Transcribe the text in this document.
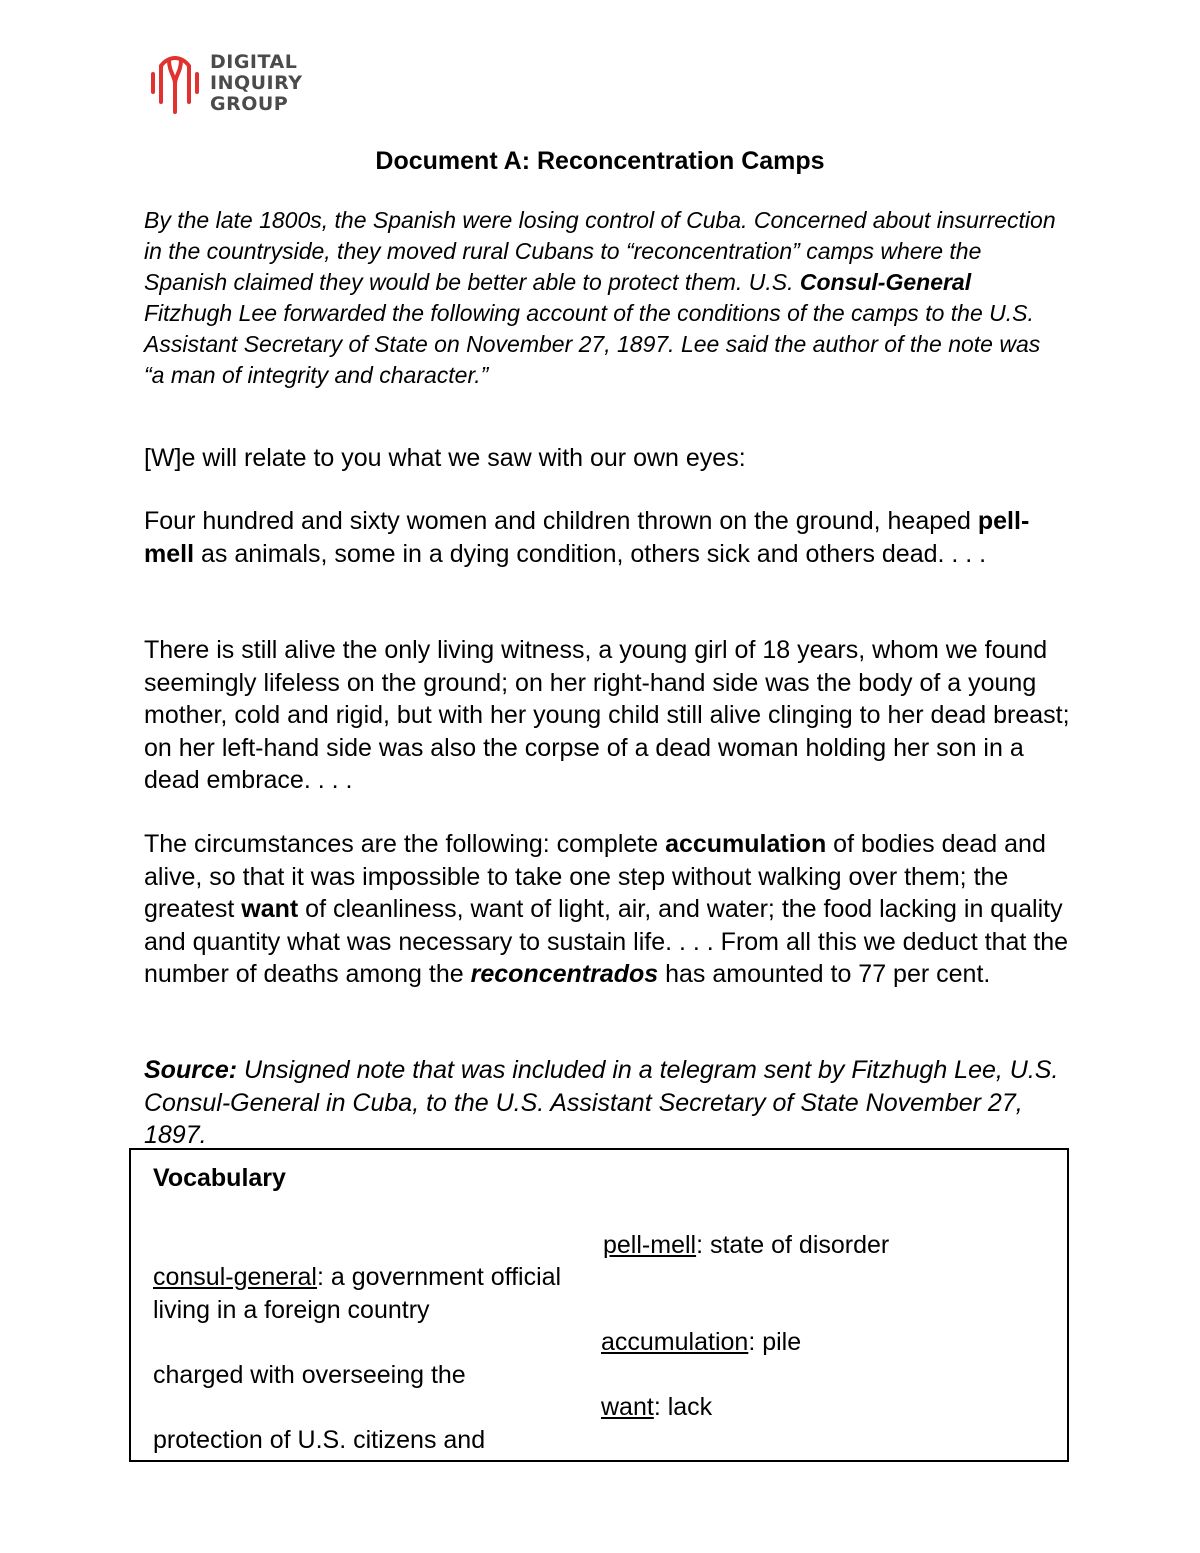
DIGITAL
INQUIRY
GROUP
Document A: Reconcentration Camps
By the late 1800s, the Spanish were losing control of Cuba. Concerned about insurrection in the countryside, they moved rural Cubans to “reconcentration” camps where the Spanish claimed they would be better able to protect them. U.S. Consul-General Fitzhugh Lee forwarded the following account of the conditions of the camps to the U.S. Assistant Secretary of State on November 27, 1897. Lee said the author of the note was “a man of integrity and character.”
[W]e will relate to you what we saw with our own eyes:
Four hundred and sixty women and children thrown on the ground, heaped pell-mell as animals, some in a dying condition, others sick and others dead. . . .
There is still alive the only living witness, a young girl of 18 years, whom we found seemingly lifeless on the ground; on her right-hand side was the body of a young mother, cold and rigid, but with her young child still alive clinging to her dead breast; on her left-hand side was also the corpse of a dead woman holding her son in a dead embrace. . . .
The circumstances are the following: complete accumulation of bodies dead and alive, so that it was impossible to take one step without walking over them; the greatest want of cleanliness, want of light, air, and water; the food lacking in quality and quantity what was necessary to sustain life. . . . From all this we deduct that the number of deaths among the reconcentrados has amounted to 77 per cent.
Source: Unsigned note that was included in a telegram sent by Fitzhugh Lee, U.S. Consul-General in Cuba, to the U.S. Assistant Secretary of State November 27, 1897.
Vocabulary
consul-general: a government official living in a foreign country
charged with overseeing the
protection of U.S. citizens and
pell-mell: state of disorder
accumulation: pile
want: lack
